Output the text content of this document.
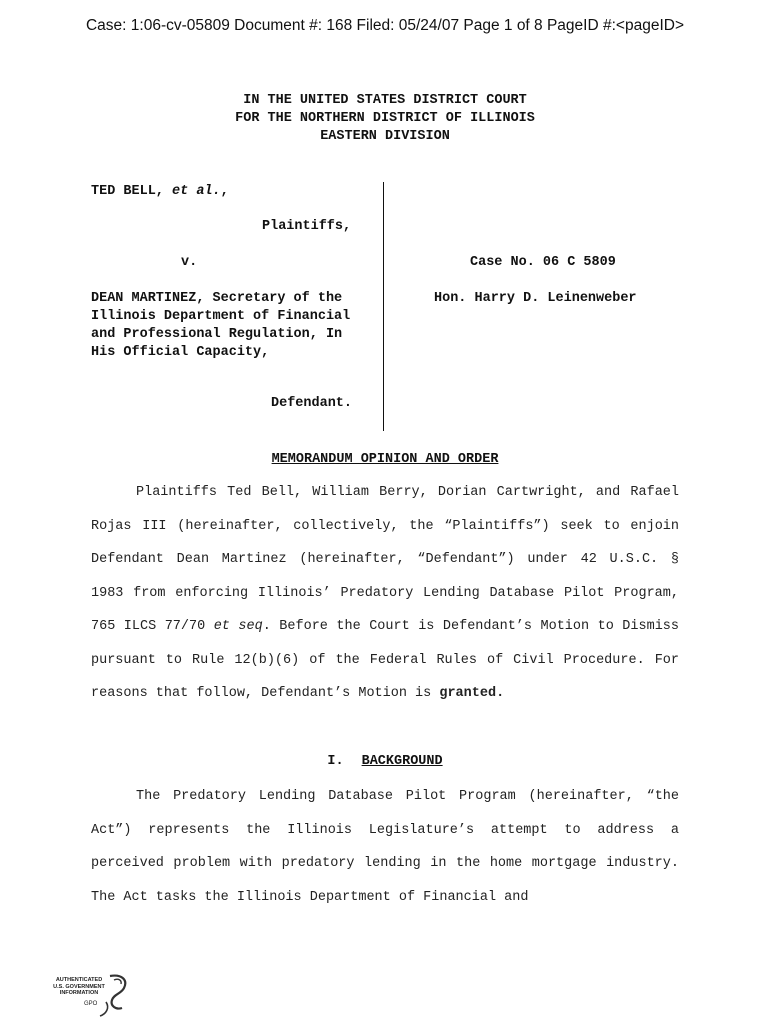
Case: 1:06-cv-05809 Document #: 168 Filed: 05/24/07 Page 1 of 8 PageID #:<pageID>
IN THE UNITED STATES DISTRICT COURT
FOR THE NORTHERN DISTRICT OF ILLINOIS
EASTERN DIVISION
TED BELL, et al.,
Plaintiffs,
v.
DEAN MARTINEZ, Secretary of the Illinois Department of Financial and Professional Regulation, In His Official Capacity,
Defendant.
Case No. 06 C 5809
Hon. Harry D. Leinenweber
MEMORANDUM OPINION AND ORDER
Plaintiffs Ted Bell, William Berry, Dorian Cartwright, and Rafael Rojas III (hereinafter, collectively, the “Plaintiffs”) seek to enjoin Defendant Dean Martinez (hereinafter, “Defendant”) under 42 U.S.C. § 1983 from enforcing Illinois’ Predatory Lending Database Pilot Program, 765 ILCS 77/70 et seq. Before the Court is Defendant’s Motion to Dismiss pursuant to Rule 12(b)(6) of the Federal Rules of Civil Procedure. For reasons that follow, Defendant’s Motion is granted.
I. BACKGROUND
The Predatory Lending Database Pilot Program (hereinafter, “the Act”) represents the Illinois Legislature’s attempt to address a perceived problem with predatory lending in the home mortgage industry. The Act tasks the Illinois Department of Financial and
AUTHENTICATED
U.S. GOVERNMENT
INFORMATION
GPO
